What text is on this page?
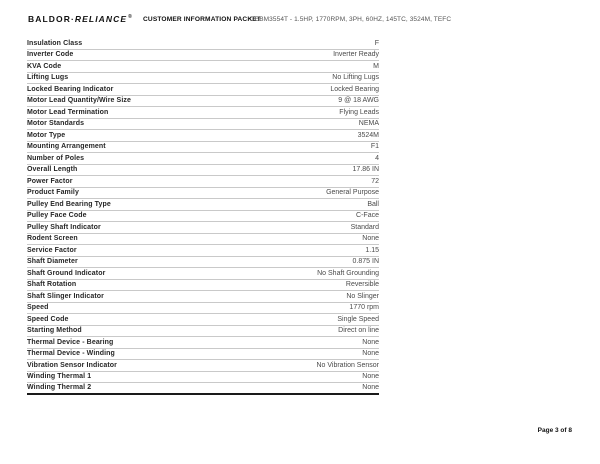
BALDOR·RELIANCE® CUSTOMER INFORMATION PACKET
CEBM3554T - 1.5HP, 1770RPM, 3PH, 60HZ, 145TC, 3524M, TEFC
Insulation Class	F
Inverter Code	Inverter Ready
KVA Code	M
Lifting Lugs	No Lifting Lugs
Locked Bearing Indicator	Locked Bearing
Motor Lead Quantity/Wire Size	9 @ 18 AWG
Motor Lead Termination	Flying Leads
Motor Standards	NEMA
Motor Type	3524M
Mounting Arrangement	F1
Number of Poles	4
Overall Length	17.86 IN
Power Factor	72
Product Family	General Purpose
Pulley End Bearing Type	Ball
Pulley Face Code	C-Face
Pulley Shaft Indicator	Standard
Rodent Screen	None
Service Factor	1.15
Shaft Diameter	0.875 IN
Shaft Ground Indicator	No Shaft Grounding
Shaft Rotation	Reversible
Shaft Slinger Indicator	No Slinger
Speed	1770 rpm
Speed Code	Single Speed
Starting Method	Direct on line
Thermal Device - Bearing	None
Thermal Device - Winding	None
Vibration Sensor Indicator	No Vibration Sensor
Winding Thermal 1	None
Winding Thermal 2	None
Page 3 of 8
